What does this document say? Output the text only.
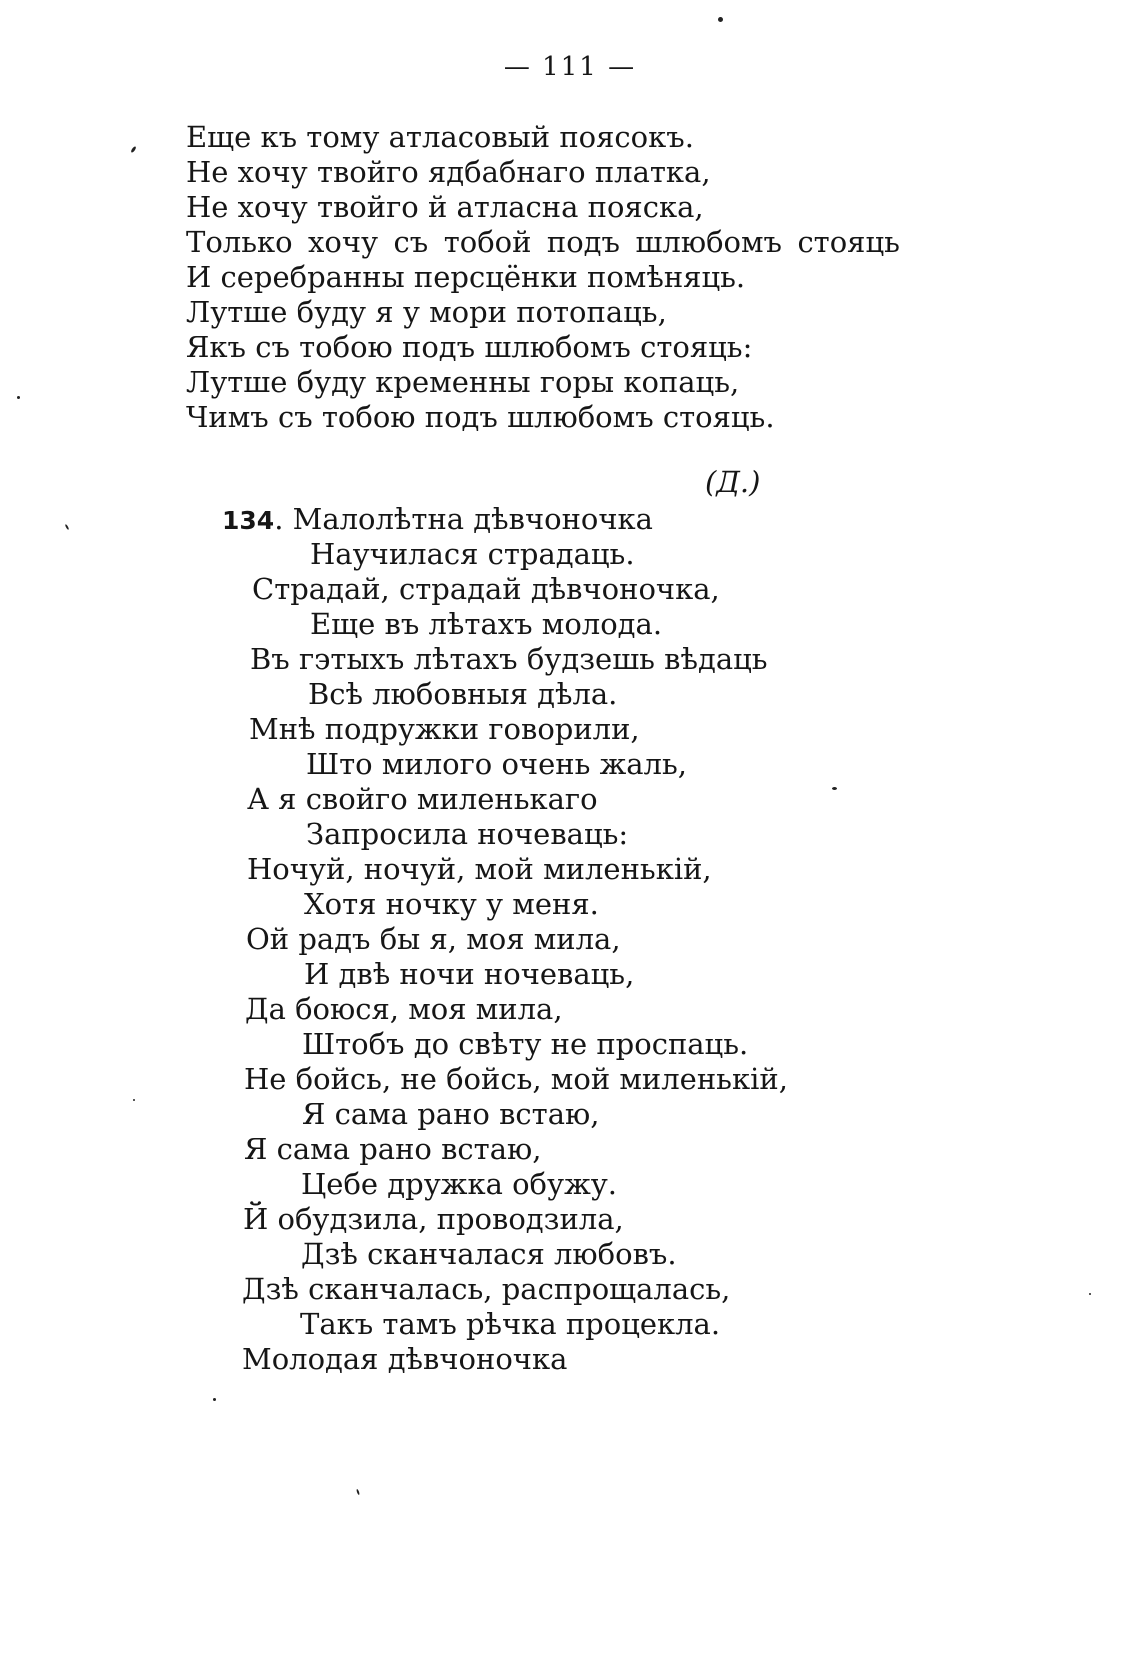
— 111 —
Еще къ тому атласовый поясокъ.
Не хочу твойго ядбабнаго платка,
Не хочу твойго й атласна пояска,
Только хочу съ тобой подъ шлюбомъ стояць
И серебранны персцёнки помѣняць.
Лутше буду я у мори потопаць,
Якъ съ тобою подъ шлюбомъ стояць:
Лутше буду кременны горы копаць,
Чимъ съ тобою подъ шлюбомъ стояць.
(Д.)
134. Малолѣтна дѣвчоночка
Научилася страдаць.
Страдай, страдай дѣвчоночка,
Еще въ лѣтахъ молода.
Въ гэтыхъ лѣтахъ будзешь вѣдаць
Всѣ любовныя дѣла.
Мнѣ подружки говорили,
Што милого очень жаль,
А я свойго миленькаго
Запросила ночеваць:
Ночуй, ночуй, мой миленькій,
Хотя ночку у меня.
Ой радъ бы я, моя мила,
И двѣ ночи ночеваць,
Да боюся, моя мила,
Штобъ до свѣту не проспаць.
Не бойсь, не бойсь, мой миленькій,
Я сама рано встаю,
Я сама рано встаю,
Цебе дружка обужу.
Й обудзила, проводзила,
Дзѣ сканчалася любовъ.
Дзѣ сканчалась, распрощалась,
Такъ тамъ рѣчка процекла.
Молодая дѣвчоночка
